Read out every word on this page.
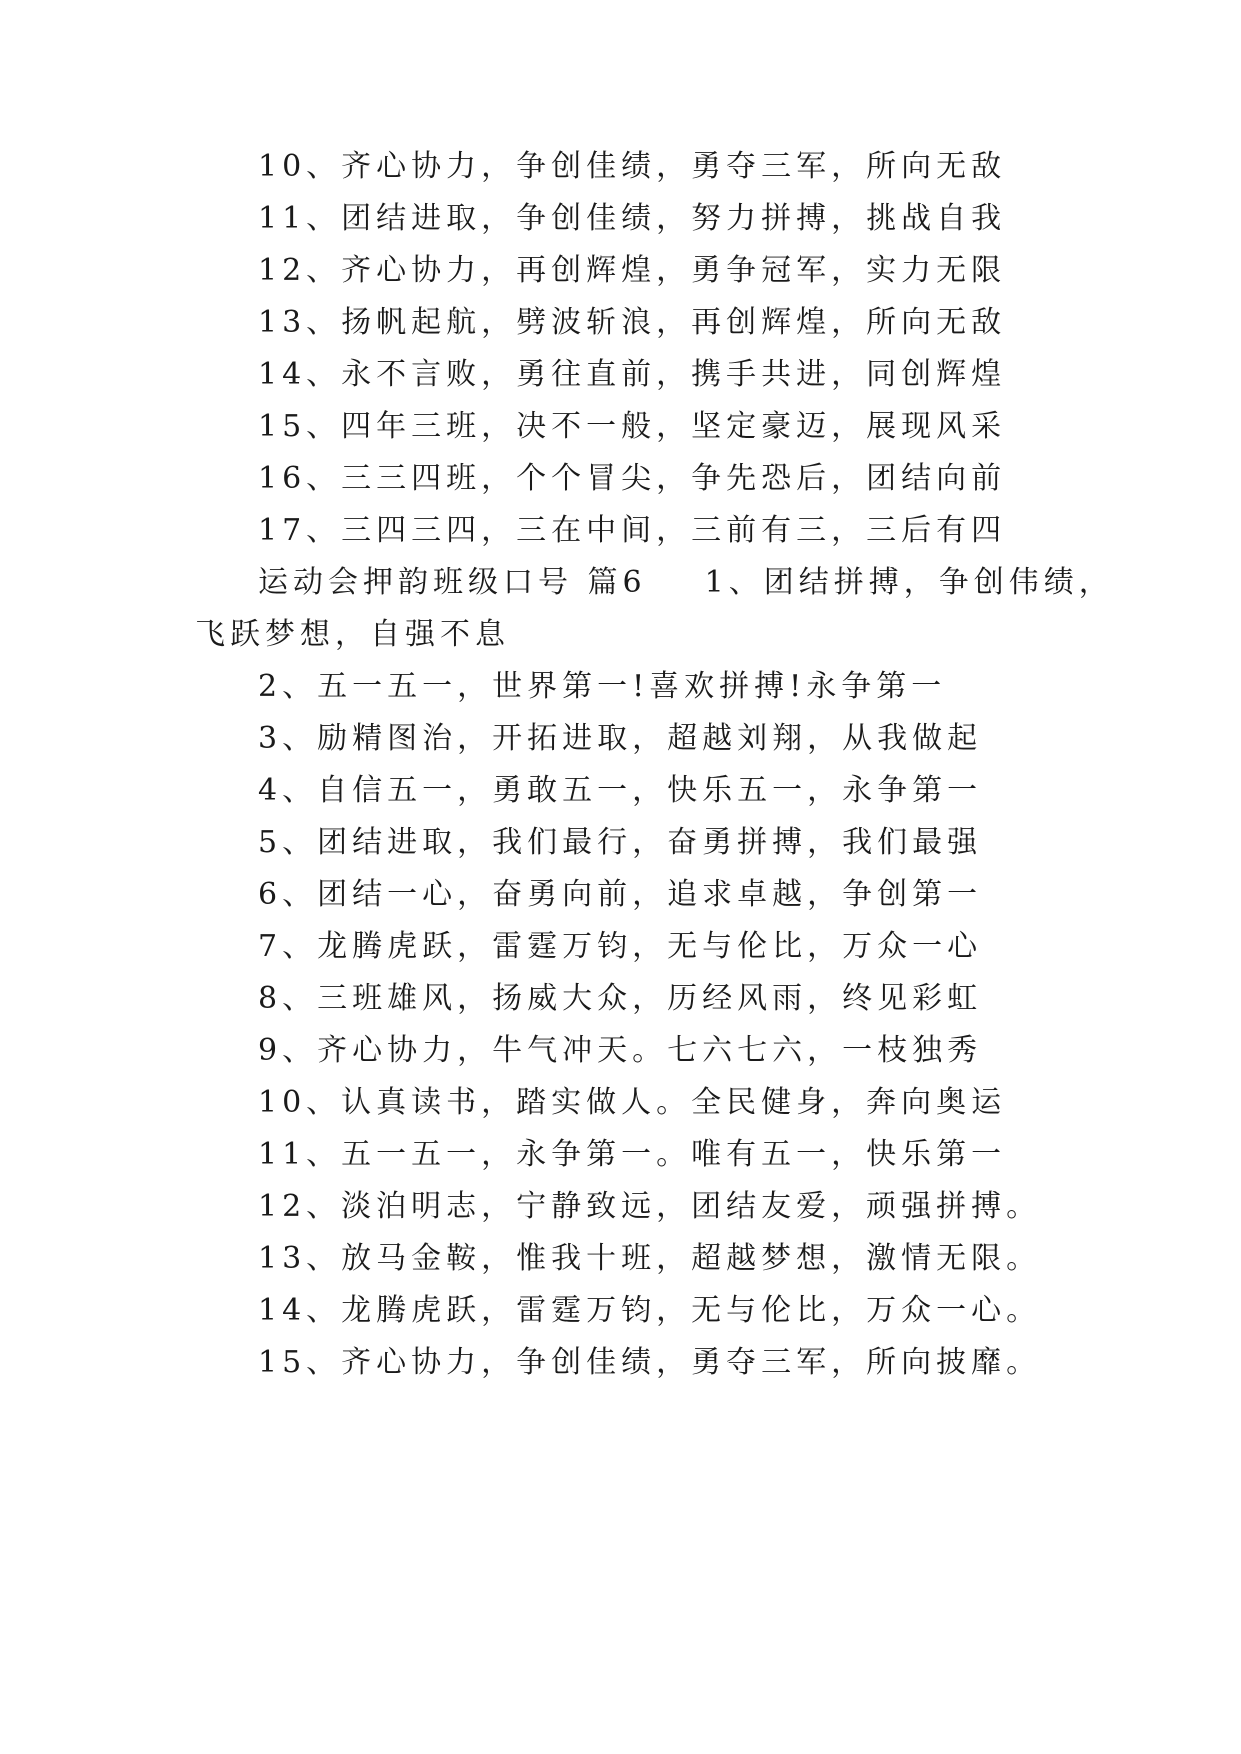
10、齐心协力，争创佳绩，勇夺三军，所向无敌
11、团结进取，争创佳绩，努力拼搏，挑战自我
12、齐心协力，再创辉煌，勇争冠军，实力无限
13、扬帆起航，劈波斩浪，再创辉煌，所向无敌
14、永不言败，勇往直前，携手共进，同创辉煌
15、四年三班，决不一般，坚定豪迈，展现风采
16、三三四班，个个冒尖，争先恐后，团结向前
17、三四三四，三在中间，三前有三，三后有四
运动会押韵班级口号 篇6 1、团结拼搏，争创伟绩，
飞跃梦想，自强不息
2、五一五一，世界第一!喜欢拼搏!永争第一
3、励精图治，开拓进取，超越刘翔，从我做起
4、自信五一，勇敢五一，快乐五一，永争第一
5、团结进取，我们最行，奋勇拼搏，我们最强
6、团结一心，奋勇向前，追求卓越，争创第一
7、龙腾虎跃，雷霆万钧，无与伦比，万众一心
8、三班雄风，扬威大众，历经风雨，终见彩虹
9、齐心协力，牛气冲天。七六七六，一枝独秀
10、认真读书，踏实做人。全民健身，奔向奥运
11、五一五一，永争第一。唯有五一，快乐第一
12、淡泊明志，宁静致远，团结友爱，顽强拼搏。
13、放马金鞍，惟我十班，超越梦想，激情无限。
14、龙腾虎跃，雷霆万钧，无与伦比，万众一心。
15、齐心协力，争创佳绩，勇夺三军，所向披靡。
